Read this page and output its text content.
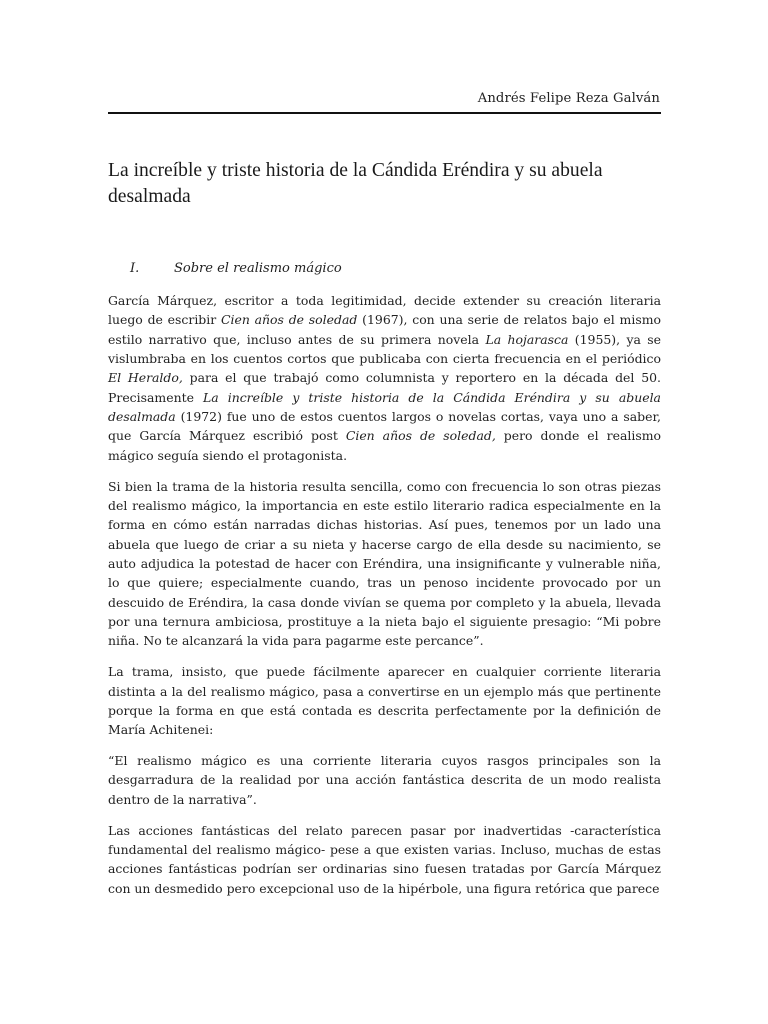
Andrés Felipe Reza Galván
La increíble y triste historia de la Cándida Eréndira y su abuela desalmada
I.	Sobre el realismo mágico

García Márquez, escritor a toda legitimidad, decide extender su creación literaria luego de escribir Cien años de soledad (1967), con una serie de relatos bajo el mismo estilo narrativo que, incluso antes de su primera novela La hojarasca (1955), ya se vislumbraba en los cuentos cortos que publicaba con cierta frecuencia en el periódico El Heraldo, para el que trabajó como columnista y reportero en la década del 50. Precisamente La increíble y triste historia de la Cándida Eréndira y su abuela desalmada (1972) fue uno de estos cuentos largos o novelas cortas, vaya uno a saber, que García Márquez escribió post Cien años de soledad, pero donde el realismo mágico seguía siendo el protagonista.

Si bien la trama de la historia resulta sencilla, como con frecuencia lo son otras piezas del realismo mágico, la importancia en este estilo literario radica especialmente en la forma en cómo están narradas dichas historias. Así pues, tenemos por un lado una abuela que luego de criar a su nieta y hacerse cargo de ella desde su nacimiento, se auto adjudica la potestad de hacer con Eréndira, una insignificante y vulnerable niña, lo que quiere; especialmente cuando, tras un penoso incidente provocado por un descuido de Eréndira, la casa donde vivían se quema por completo y la abuela, llevada por una ternura ambiciosa, prostituye a la nieta bajo el siguiente presagio: “Mi pobre niña. No te alcanzará la vida para pagarme este percance”.

La trama, insisto, que puede fácilmente aparecer en cualquier corriente literaria distinta a la del realismo mágico, pasa a convertirse en un ejemplo más que pertinente porque la forma en que está contada es descrita perfectamente por la definición de María Achitenei:

“El realismo mágico es una corriente literaria cuyos rasgos principales son la desgarradura de la realidad por una acción fantástica descrita de un modo realista dentro de la narrativa”.

Las acciones fantásticas del relato parecen pasar por inadvertidas -característica fundamental del realismo mágico- pese a que existen varias. Incluso, muchas de estas acciones fantásticas podrían ser ordinarias sino fuesen tratadas por García Márquez con un desmedido pero excepcional uso de la hipérbole, una figura retórica que parece
